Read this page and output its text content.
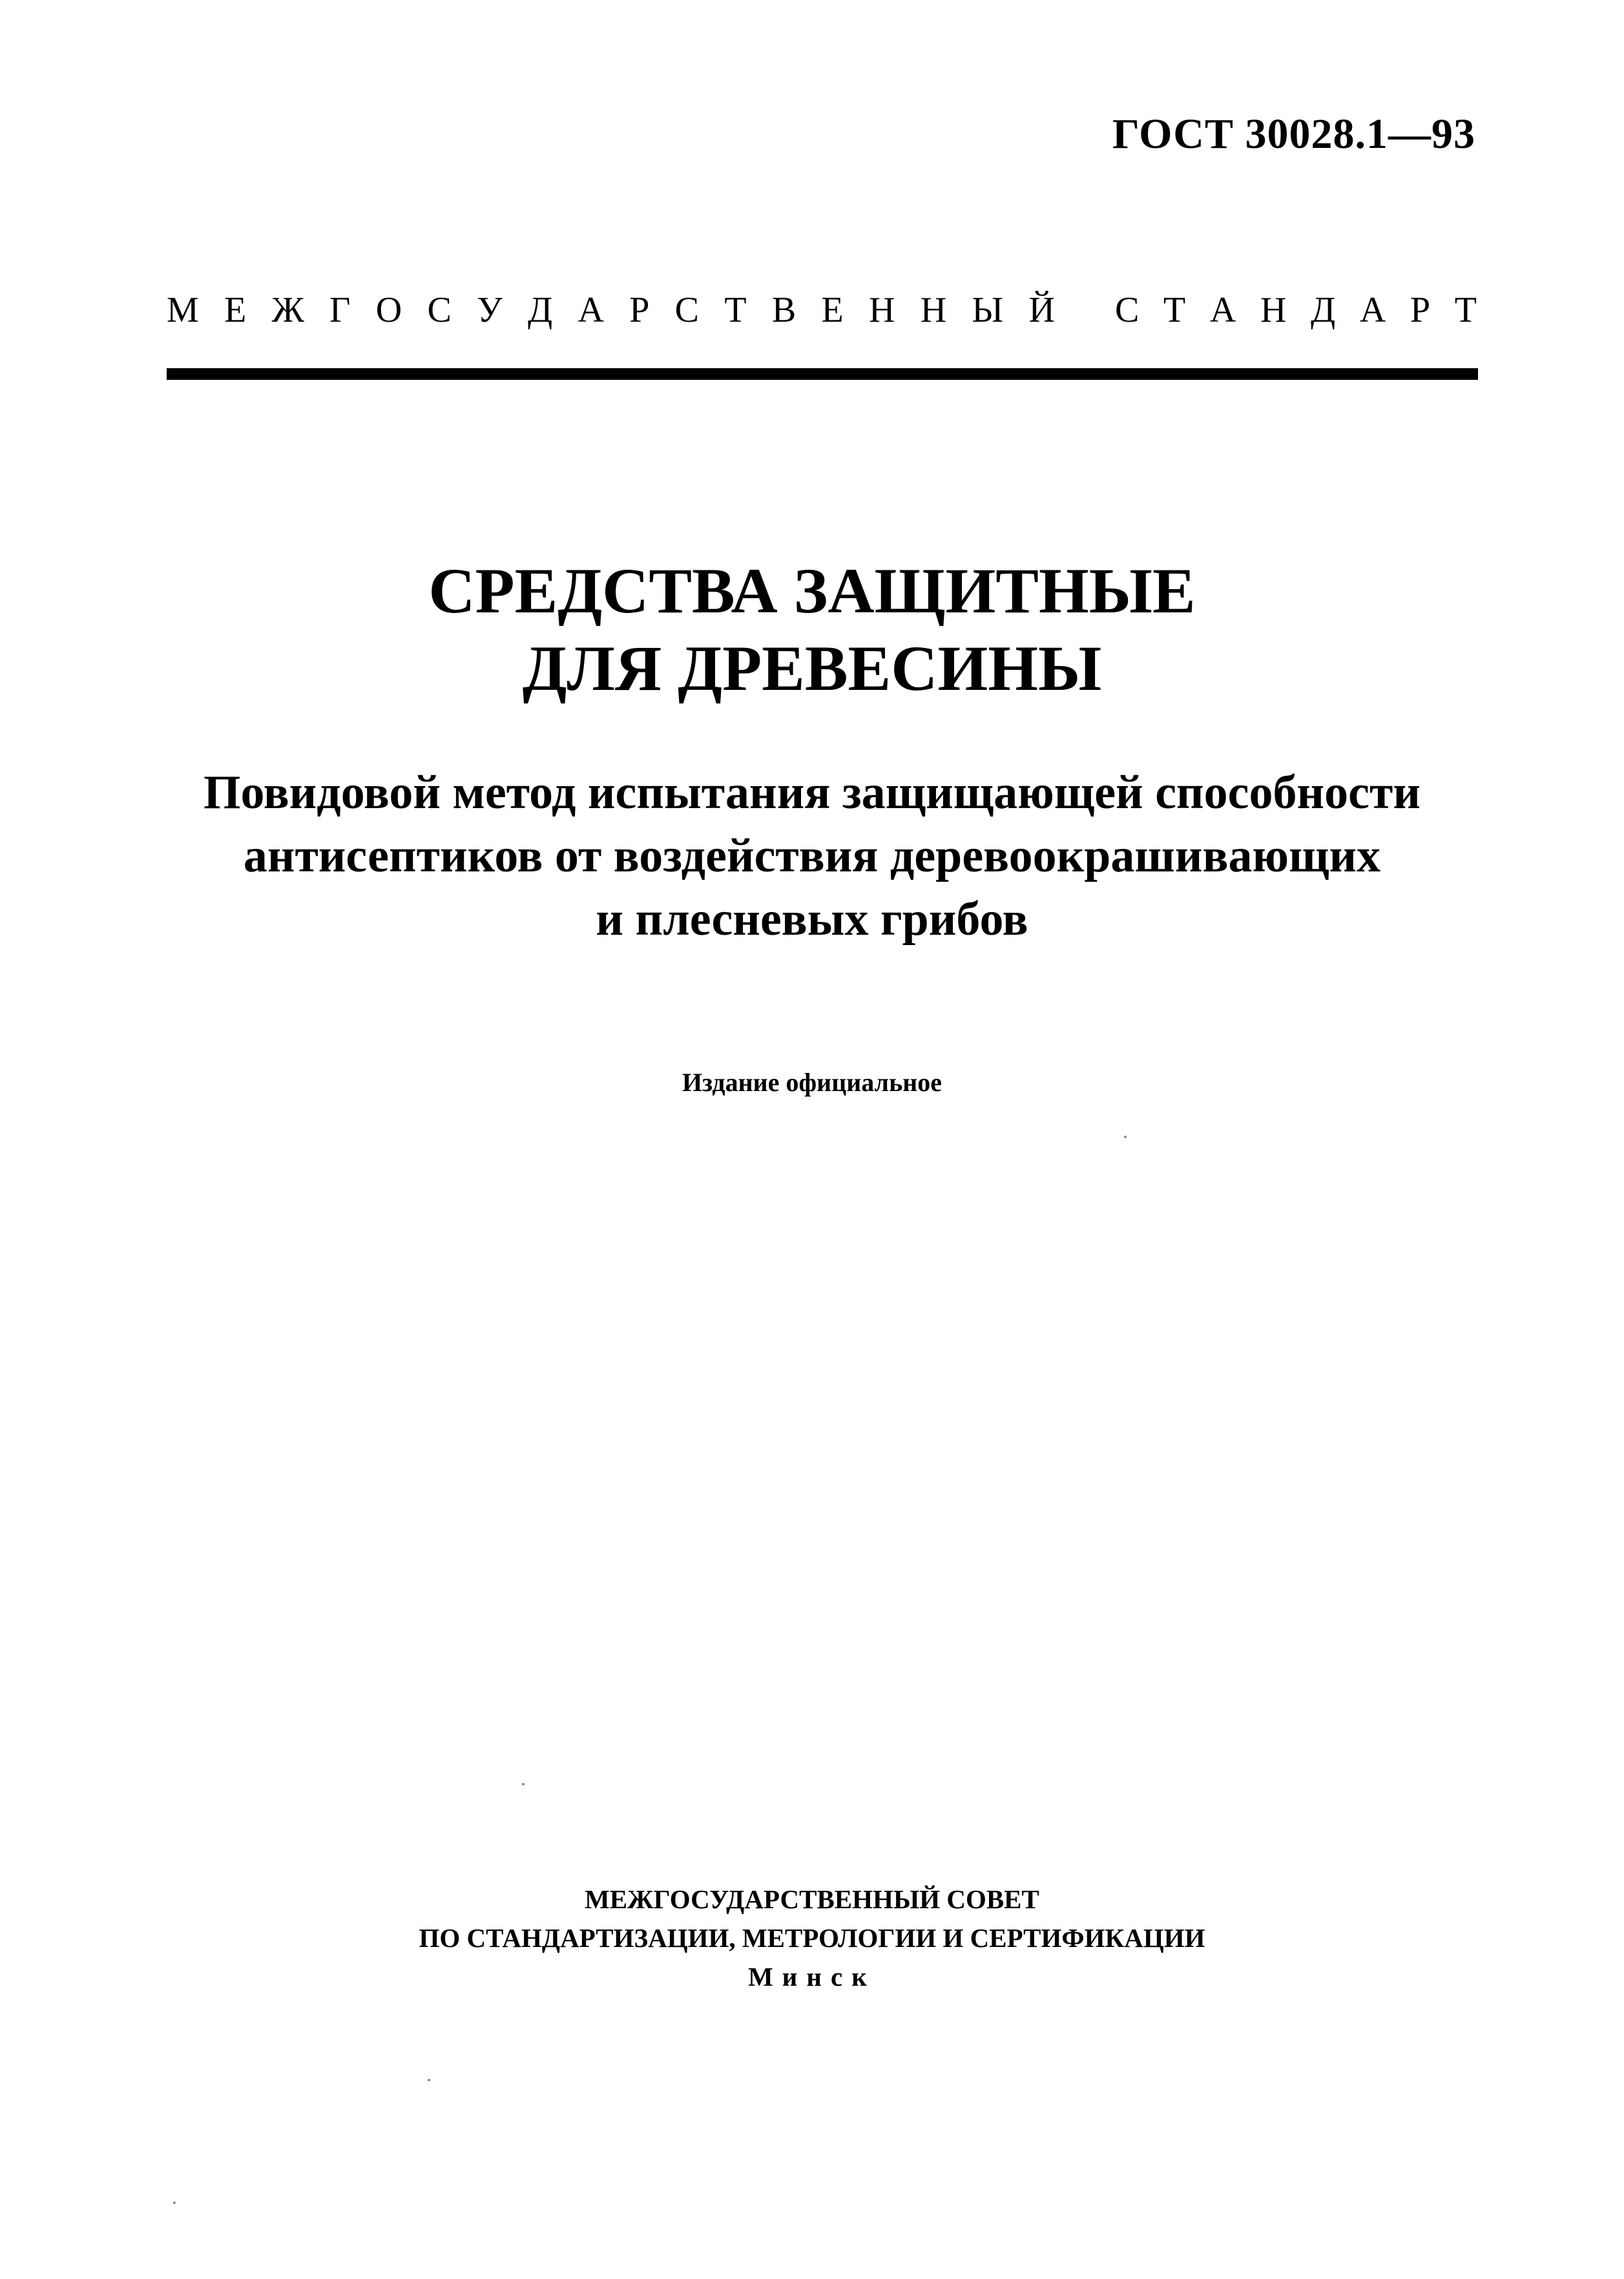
ГОСТ 30028.1—93
М Е Ж Г О С У Д А Р С Т В Е Н Н Ы Й С Т А Н Д А Р Т
СРЕДСТВА ЗАЩИТНЫЕ
ДЛЯ ДРЕВЕСИНЫ
Повидовой метод испытания защищающей способности
антисептиков от воздействия деревоокрашивающих
и плесневых грибов
Издание официальное
МЕЖГОСУДАРСТВЕННЫЙ СОВЕТ
ПО СТАНДАРТИЗАЦИИ, МЕТРОЛОГИИ И СЕРТИФИКАЦИИ
Минск
